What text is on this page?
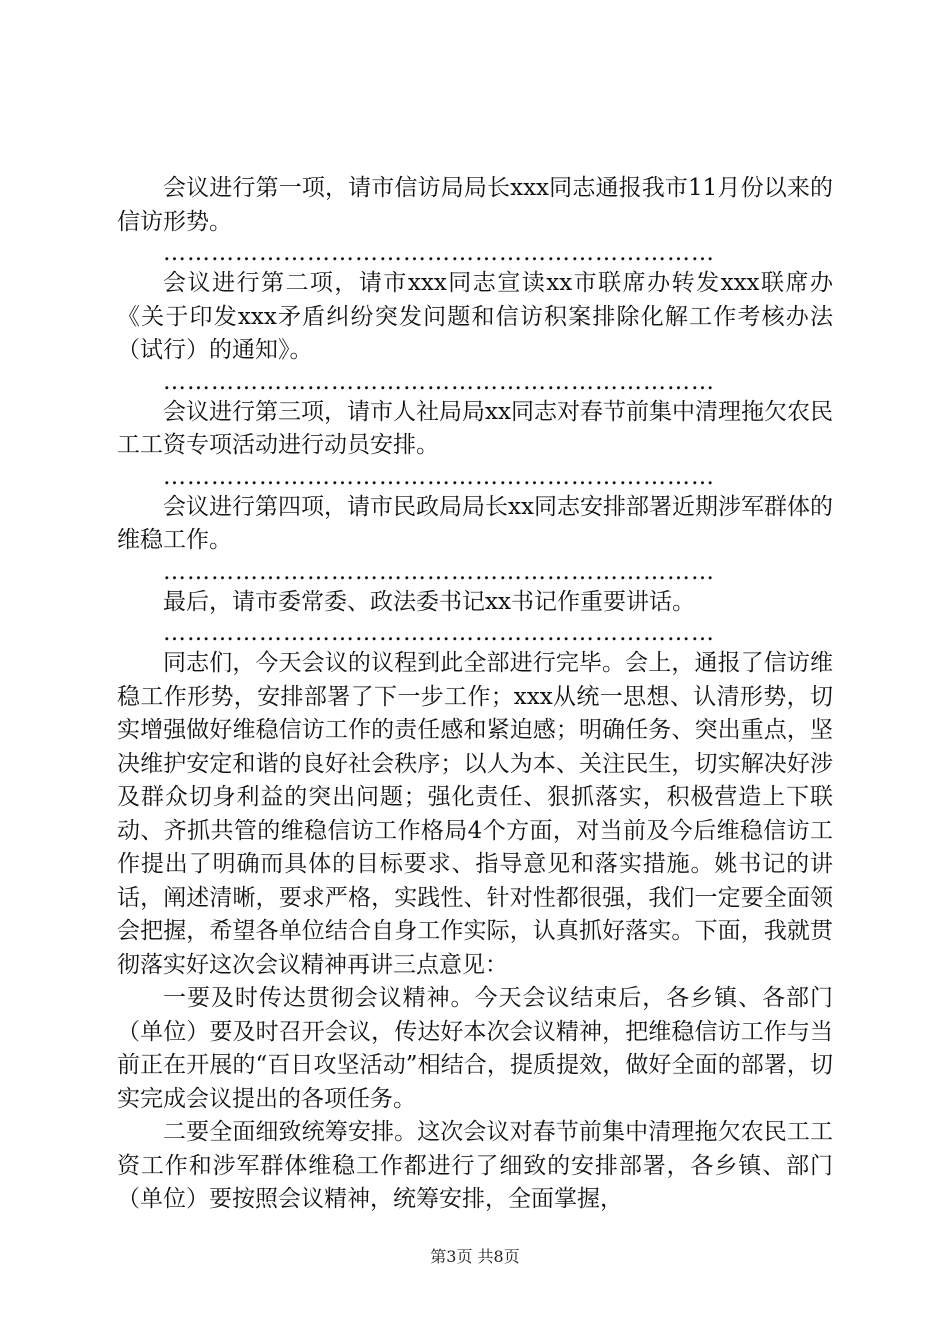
会议进行第一项，请市信访局局长xxx同志通报我市11月份以来的信访形势。

……………………………………………………………

会议进行第二项，请市xxx同志宣读xx市联席办转发xxx联席办《关于印发xxx矛盾纠纷突发问题和信访积案排除化解工作考核办法（试行）的通知》。

……………………………………………………………

会议进行第三项，请市人社局局xx同志对春节前集中清理拖欠农民工工资专项活动进行动员安排。

……………………………………………………………

会议进行第四项，请市民政局局长xx同志安排部署近期涉军群体的维稳工作。

……………………………………………………………

最后，请市委常委、政法委书记xx书记作重要讲话。

……………………………………………………………

同志们，今天会议的议程到此全部进行完毕。会上，通报了信访维稳工作形势，安排部署了下一步工作；xxx从统一思想、认清形势，切实增强做好维稳信访工作的责任感和紧迫感；明确任务、突出重点，坚决维护安定和谐的良好社会秩序；以人为本、关注民生，切实解决好涉及群众切身利益的突出问题；强化责任、狠抓落实，积极营造上下联动、齐抓共管的维稳信访工作格局4个方面，对当前及今后维稳信访工作提出了明确而具体的目标要求、指导意见和落实措施。姚书记的讲话，阐述清晰，要求严格，实践性、针对性都很强，我们一定要全面领会把握，希望各单位结合自身工作实际，认真抓好落实。下面，我就贯彻落实好这次会议精神再讲三点意见：

一要及时传达贯彻会议精神。今天会议结束后，各乡镇、各部门（单位）要及时召开会议，传达好本次会议精神，把维稳信访工作与当前正在开展的“百日攻坚活动”相结合，提质提效，做好全面的部署，切实完成会议提出的各项任务。

二要全面细致统筹安排。这次会议对春节前集中清理拖欠农民工工资工作和涉军群体维稳工作都进行了细致的安排部署，各乡镇、部门（单位）要按照会议精神，统筹安排，全面掌握，

第3页 共8页
